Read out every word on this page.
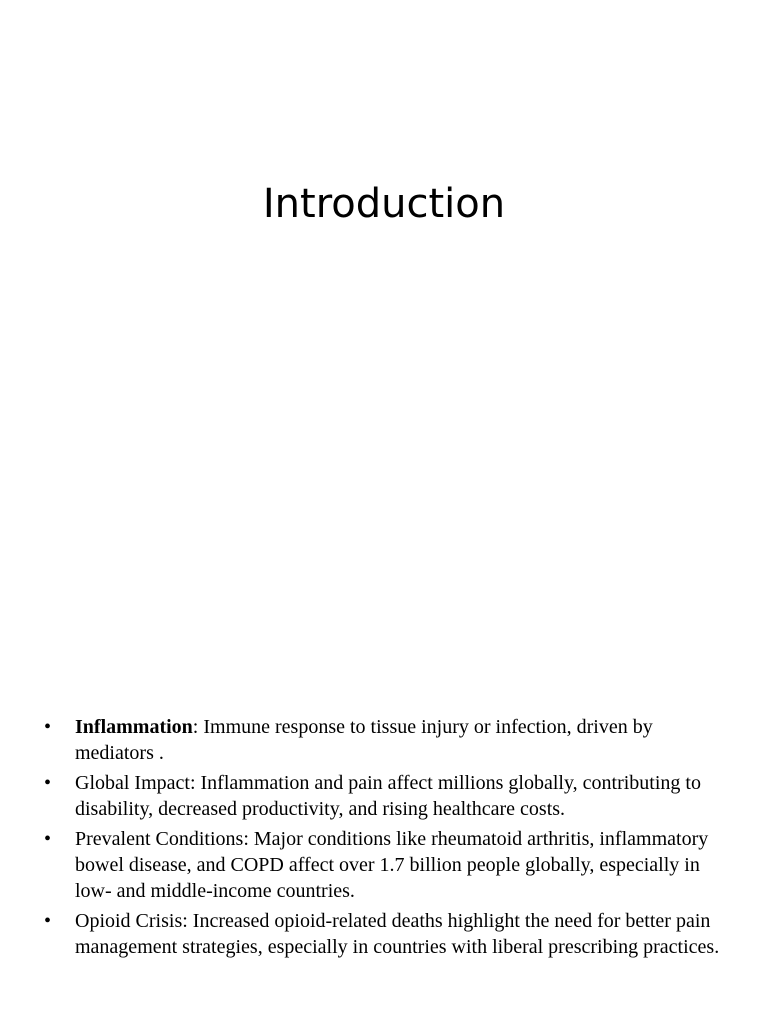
Introduction
• Inflammation: Immune response to tissue injury or infection, driven by mediators .
• Global Impact: Inflammation and pain affect millions globally, contributing to disability, decreased productivity, and rising healthcare costs.
• Prevalent Conditions: Major conditions like rheumatoid arthritis, inflammatory bowel disease, and COPD affect over 1.7 billion people globally, especially in low- and middle-income countries.
• Opioid Crisis: Increased opioid-related deaths highlight the need for better pain management strategies, especially in countries with liberal prescribing practices.
